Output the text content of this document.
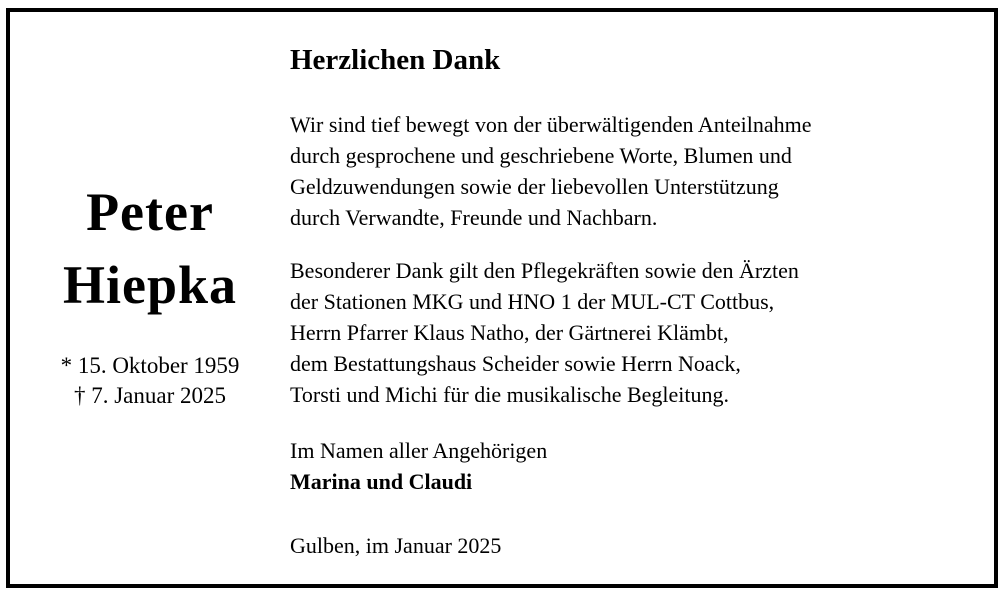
Peter
Hiepka
* 15. Oktober 1959
† 7. Januar 2025
Herzlichen Dank
Wir sind tief bewegt von der überwältigenden Anteilnahme
durch gesprochene und geschriebene Worte, Blumen und
Geldzuwendungen sowie der liebevollen Unterstützung
durch Verwandte, Freunde und Nachbarn.
Besonderer Dank gilt den Pflegekräften sowie den Ärzten
der Stationen MKG und HNO 1 der MUL-CT Cottbus,
Herrn Pfarrer Klaus Natho, der Gärtnerei Klämbt,
dem Bestattungshaus Scheider sowie Herrn Noack,
Torsti und Michi für die musikalische Begleitung.
Im Namen aller Angehörigen
Marina und Claudi
Gulben, im Januar 2025
